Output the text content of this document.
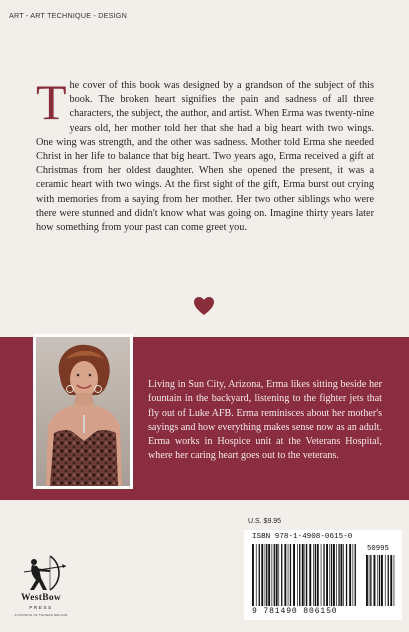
ART - ART TECHNIQUE - DESIGN

The cover of this book was designed by a grandson of the subject of this book. The broken heart signifies the pain and sadness of all three characters, the subject, the author, and artist. When Erma was twenty-nine years old, her mother told her that she had a big heart with two wings. One wing was strength, and the other was sadness. Mother told Erma she needed Christ in her life to balance that big heart. Two years ago, Erma received a gift at Christmas from her oldest daughter. When she opened the present, it was a ceramic heart with two wings. At the first sight of the gift, Erma burst out crying with memories from a saying from her mother. Her two other siblings who were there were stunned and didn't know what was going on. Imagine thirty years later how something from your past can come greet you.

Living in Sun City, Arizona, Erma likes sitting beside her fountain in the backyard, listening to the fighter jets that fly out of Luke AFB. Erma reminisces about her mother's sayings and how everything makes sense now as an adult. Erma works in Hospice unit at the Veterans Hospital, where her caring heart goes out to the veterans.

U.S. $9.95
ISBN 978-1-4908-0615-0
50995
9 781490 806150
WestBow
PRESS
A DIVISION OF THOMAS NELSON
